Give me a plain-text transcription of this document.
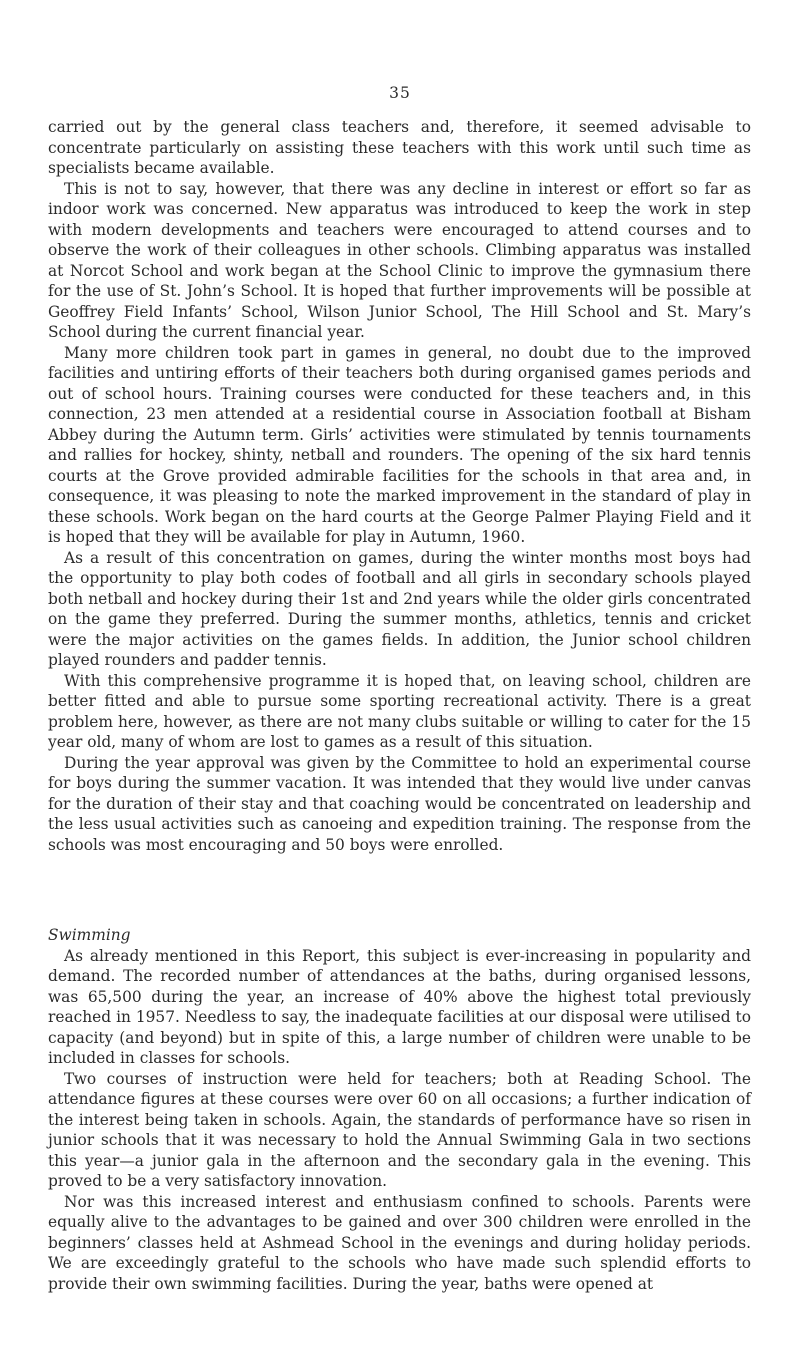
35

carried out by the general class teachers and, therefore, it seemed advisable to concentrate particularly on assisting these teachers with this work until such time as specialists became available.

This is not to say, however, that there was any decline in interest or effort so far as indoor work was concerned. New apparatus was introduced to keep the work in step with modern developments and teachers were encouraged to attend courses and to observe the work of their colleagues in other schools. Climbing apparatus was installed at Norcot School and work began at the School Clinic to improve the gymnasium there for the use of St. John’s School. It is hoped that further improvements will be possible at Geoffrey Field Infants’ School, Wilson Junior School, The Hill School and St. Mary’s School during the current financial year.

Many more children took part in games in general, no doubt due to the improved facilities and untiring efforts of their teachers both during organised games periods and out of school hours. Training courses were conducted for these teachers and, in this connection, 23 men attended at a residential course in Association football at Bisham Abbey during the Autumn term. Girls’ activities were stimulated by tennis tournaments and rallies for hockey, shinty, netball and rounders. The opening of the six hard tennis courts at the Grove provided admirable facilities for the schools in that area and, in consequence, it was pleasing to note the marked improvement in the standard of play in these schools. Work began on the hard courts at the George Palmer Playing Field and it is hoped that they will be available for play in Autumn, 1960.

As a result of this concentration on games, during the winter months most boys had the opportunity to play both codes of football and all girls in secondary schools played both netball and hockey during their 1st and 2nd years while the older girls concentrated on the game they preferred. During the summer months, athletics, tennis and cricket were the major activities on the games fields. In addition, the Junior school children played rounders and padder tennis.

With this comprehensive programme it is hoped that, on leaving school, children are better fitted and able to pursue some sporting recreational activity. There is a great problem here, however, as there are not many clubs suitable or willing to cater for the 15 year old, many of whom are lost to games as a result of this situation.

During the year approval was given by the Committee to hold an experimental course for boys during the summer vacation. It was intended that they would live under canvas for the duration of their stay and that coaching would be concentrated on leadership and the less usual activities such as canoeing and expedition training. The response from the schools was most encouraging and 50 boys were enrolled.

Swimming

As already mentioned in this Report, this subject is ever-increasing in popularity and demand. The recorded number of attendances at the baths, during organised lessons, was 65,500 during the year, an increase of 40% above the highest total previously reached in 1957. Needless to say, the inadequate facilities at our disposal were utilised to capacity (and beyond) but in spite of this, a large number of children were unable to be included in classes for schools.

Two courses of instruction were held for teachers; both at Reading School. The attendance figures at these courses were over 60 on all occasions; a further indication of the interest being taken in schools. Again, the standards of performance have so risen in junior schools that it was necessary to hold the Annual Swimming Gala in two sections this year—a junior gala in the afternoon and the secondary gala in the evening. This proved to be a very satisfactory innovation.

Nor was this increased interest and enthusiasm confined to schools. Parents were equally alive to the advantages to be gained and over 300 children were enrolled in the beginners’ classes held at Ashmead School in the evenings and during holiday periods. We are exceedingly grateful to the schools who have made such splendid efforts to provide their own swimming facilities. During the year, baths were opened at
